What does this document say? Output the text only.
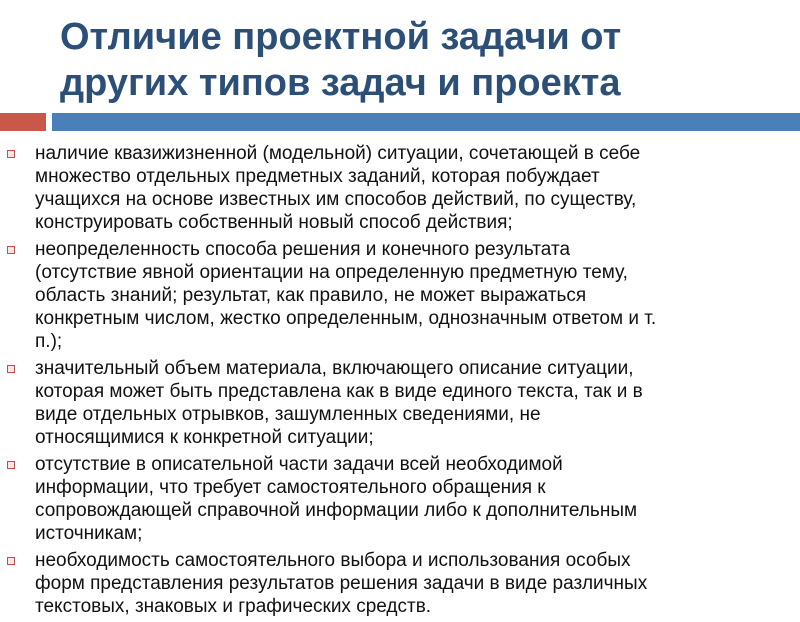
Отличие проектной задачи от
других типов задач и проекта
наличие квазижизненной (модельной) ситуации, сочетающей в себе
множество отдельных предметных заданий, которая побуждает
учащихся на основе известных им способов действий, по существу,
конструировать собственный новый способ действия;
неопределенность способа решения и конечного результата
(отсутствие явной ориентации на определенную предметную тему,
область знаний; результат, как правило, не может выражаться
конкретным числом, жестко определенным, однозначным ответом и т.
п.);
значительный объем материала, включающего описание ситуации,
которая может быть представлена как в виде единого текста, так и в
виде отдельных отрывков, зашумленных сведениями, не
относящимися к конкретной ситуации;
отсутствие в описательной части задачи всей необходимой
информации, что требует самостоятельного обращения к
сопровождающей справочной информации либо к дополнительным
источникам;
необходимость самостоятельного выбора и использования особых
форм представления результатов решения задачи в виде различных
текстовых, знаковых и графических средств.
